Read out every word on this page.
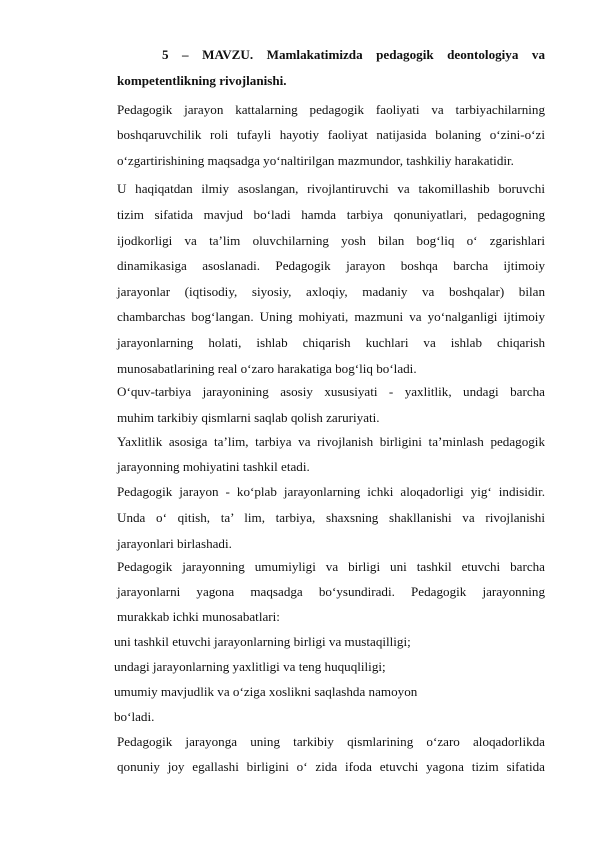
5 – MAVZU. Mamlakatimizda pedagogik deontologiya va
kompetentlikning rivojlanishi.
Pedagogik jarayon kattalarning pedagogik faoliyati va tarbiyachilarning
boshqaruvchilik roli tufayli hayotiy faoliyat natijasida bolaning o‘zini-o‘zi
o‘zgartirishining maqsadga yo‘naltirilgan mazmundor, tashkiliy harakatidir.
U haqiqatdan ilmiy asoslangan, rivojlantiruvchi va takomillashib boruvchi
tizim sifatida mavjud bo‘ladi hamda tarbiya qonuniyatlari, pedagogning
ijodkorligi va ta’lim oluvchilarning yosh bilan bog‘liq o‘ zgarishlari
dinamikasiga asoslanadi. Pedagogik jarayon boshqa barcha ijtimoiy
jarayonlar (iqtisodiy, siyosiy, axloqiy, madaniy va boshqalar) bilan
chambarchas bog‘langan. Uning mohiyati, mazmuni va yo‘nalganligi ijtimoiy
jarayonlarning holati, ishlab chiqarish kuchlari va ishlab chiqarish
munosabatlarining real o‘zaro harakatiga bog‘liq bo‘ladi.
O‘quv-tarbiya jarayonining asosiy xususiyati - yaxlitlik, undagi barcha
muhim tarkibiy qismlarni saqlab qolish zaruriyati.
Yaxlitlik asosiga ta’lim, tarbiya va rivojlanish birligini ta’minlash pedagogik
jarayonning mohiyatini tashkil etadi.
Pedagogik jarayon - ko‘plab jarayonlarning ichki aloqadorligi yig‘ indisidir.
Unda o‘ qitish, ta’ lim, tarbiya, shaxsning shakllanishi va rivojlanishi
jarayonlari birlashadi.
Pedagogik jarayonning umumiyligi va birligi uni tashkil etuvchi barcha
jarayonlarni yagona maqsadga bo‘ysundiradi. Pedagogik jarayonning
murakkab ichki munosabatlari:
uni tashkil etuvchi jarayonlarning birligi va mustaqilligi;
undagi jarayonlarning yaxlitligi va teng huquqliligi;
umumiy mavjudlik va o‘ziga xoslikni saqlashda namoyon
bo‘ladi.
Pedagogik jarayonga uning tarkibiy qismlarining o‘zaro aloqadorlikda
qonuniy joy egallashi birligini o‘ zida ifoda etuvchi yagona tizim sifatida
